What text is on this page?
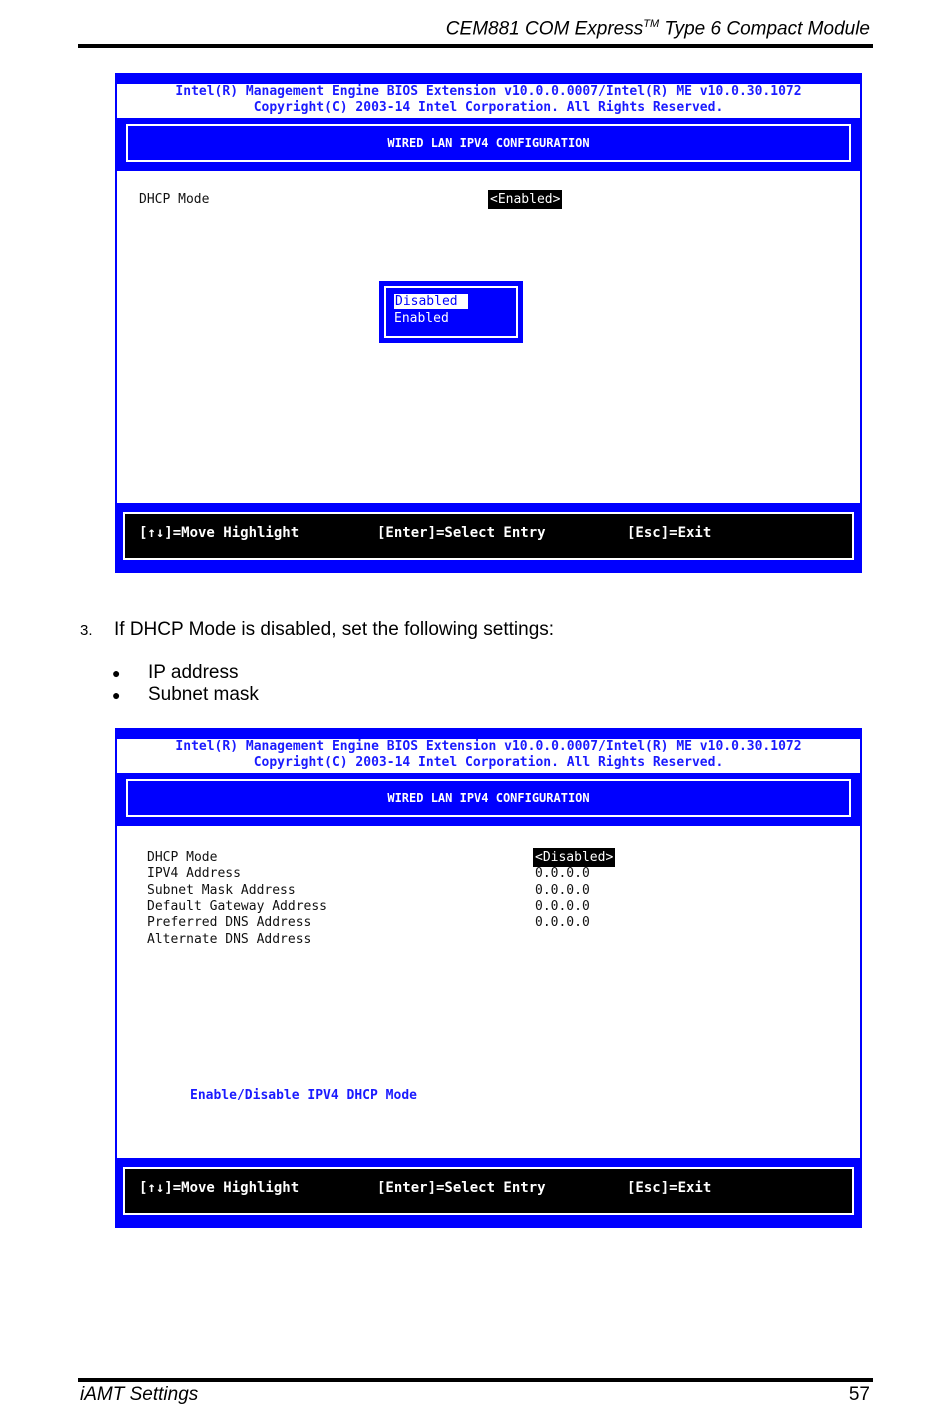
CEM881 COM Express™ Type 6 Compact Module
Intel(R) Management Engine BIOS Extension v10.0.0.0007/Intel(R) ME v10.0.30.1072
Copyright(C) 2003-14 Intel Corporation. All Rights Reserved.
WIRED LAN IPV4 CONFIGURATION
DHCP Mode	<Enabled>
Disabled
Enabled
[↑↓]=Move Highlight	[Enter]=Select Entry	[Esc]=Exit
3. If DHCP Mode is disabled, set the following settings:
● IP address
● Subnet mask
Intel(R) Management Engine BIOS Extension v10.0.0.0007/Intel(R) ME v10.0.30.1072
Copyright(C) 2003-14 Intel Corporation. All Rights Reserved.
WIRED LAN IPV4 CONFIGURATION
DHCP Mode	<Disabled>
IPV4 Address	0.0.0.0
Subnet Mask Address	0.0.0.0
Default Gateway Address	0.0.0.0
Preferred DNS Address	0.0.0.0
Alternate DNS Address
Enable/Disable IPV4 DHCP Mode
[↑↓]=Move Highlight	[Enter]=Select Entry	[Esc]=Exit
iAMT Settings	57
